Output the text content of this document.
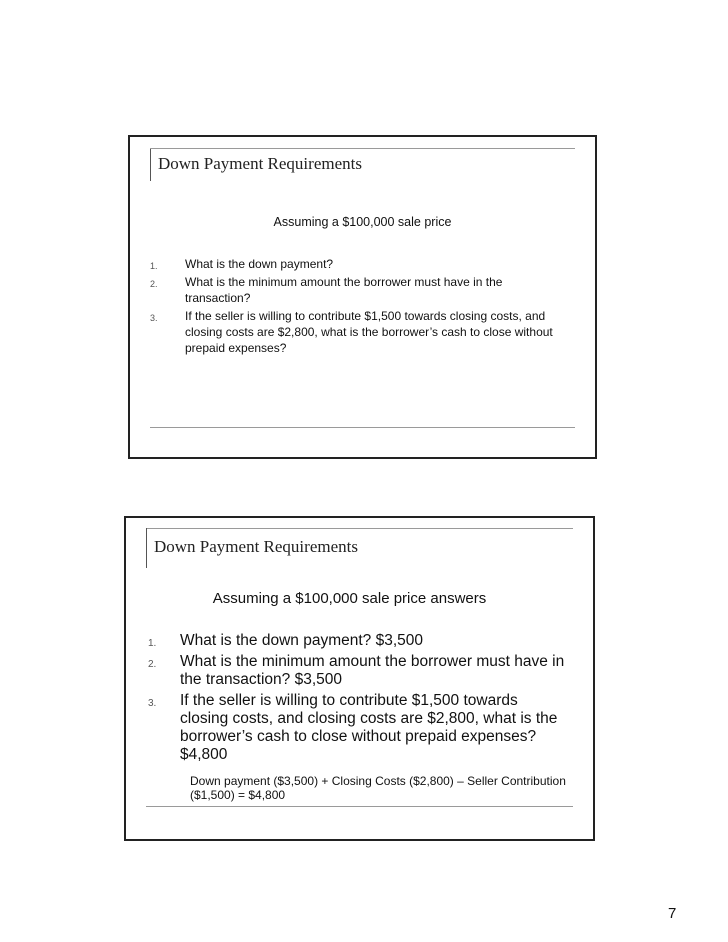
Down Payment Requirements
Assuming a $100,000 sale price
1. What is the down payment?
2. What is the minimum amount the borrower must have in the transaction?
3. If the seller is willing to contribute $1,500 towards closing costs, and closing costs are $2,800, what is the borrower’s cash to close without prepaid expenses?
Down Payment Requirements
Assuming a $100,000 sale price answers
1. What is the down payment? $3,500
2. What is the minimum amount the borrower must have in the transaction? $3,500
3. If the seller is willing to contribute $1,500 towards closing costs, and closing costs are $2,800, what is the borrower’s cash to close without prepaid expenses? $4,800
Down payment ($3,500) + Closing Costs ($2,800) – Seller Contribution ($1,500) = $4,800
7
